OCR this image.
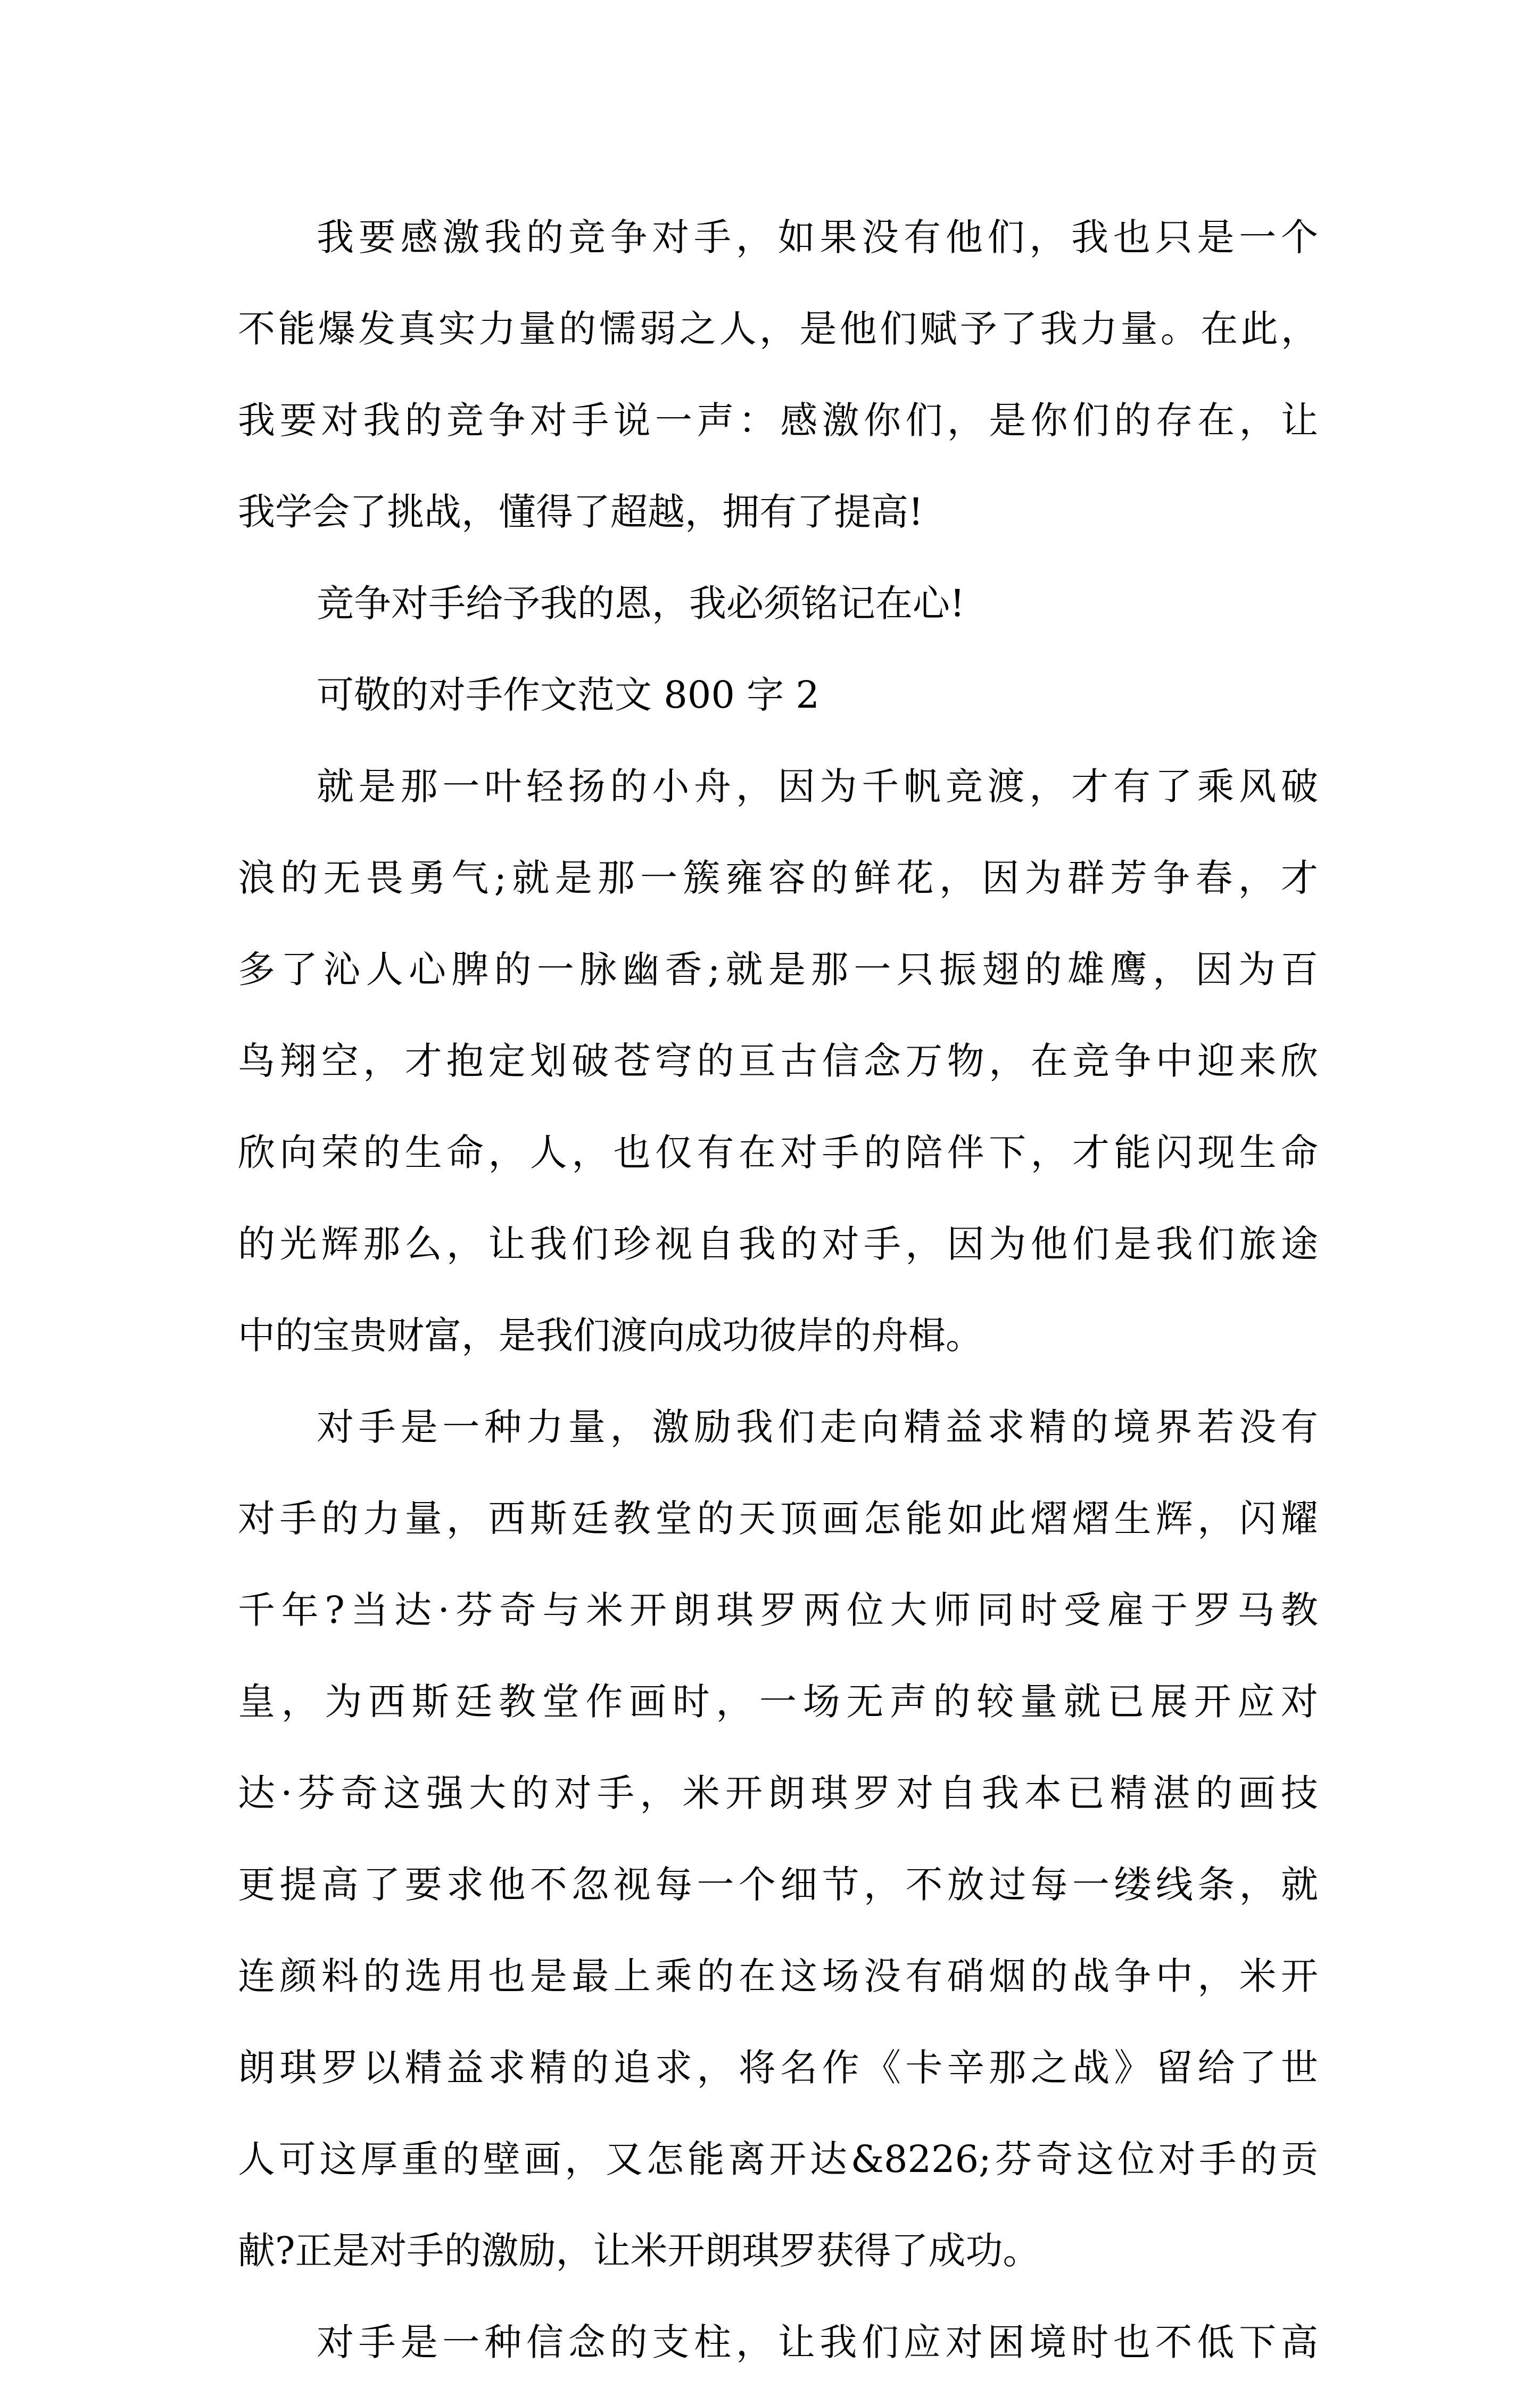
我要感激我的竞争对手，如果没有他们，我也只是一个
不能爆发真实力量的懦弱之人，是他们赋予了我力量。在此，
我要对我的竞争对手说一声：感激你们，是你们的存在，让
我学会了挑战，懂得了超越，拥有了提高!
竞争对手给予我的恩，我必须铭记在心!
可敬的对手作文范文 800 字 2
就是那一叶轻扬的小舟，因为千帆竞渡，才有了乘风破
浪的无畏勇气;就是那一簇雍容的鲜花，因为群芳争春，才
多了沁人心脾的一脉幽香;就是那一只振翅的雄鹰，因为百
鸟翔空，才抱定划破苍穹的亘古信念万物，在竞争中迎来欣
欣向荣的生命，人，也仅有在对手的陪伴下，才能闪现生命
的光辉那么，让我们珍视自我的对手，因为他们是我们旅途
中的宝贵财富，是我们渡向成功彼岸的舟楫。
对手是一种力量，激励我们走向精益求精的境界若没有
对手的力量，西斯廷教堂的天顶画怎能如此熠熠生辉，闪耀
千年?当达·芬奇与米开朗琪罗两位大师同时受雇于罗马教
皇，为西斯廷教堂作画时，一场无声的较量就已展开应对
达·芬奇这强大的对手，米开朗琪罗对自我本已精湛的画技
更提高了要求他不忽视每一个细节，不放过每一缕线条，就
连颜料的选用也是最上乘的在这场没有硝烟的战争中，米开
朗琪罗以精益求精的追求，将名作《卡辛那之战》留给了世
人可这厚重的壁画，又怎能离开达&8226;芬奇这位对手的贡
献?正是对手的激励，让米开朗琪罗获得了成功。
对手是一种信念的支柱，让我们应对困境时也不低下高
